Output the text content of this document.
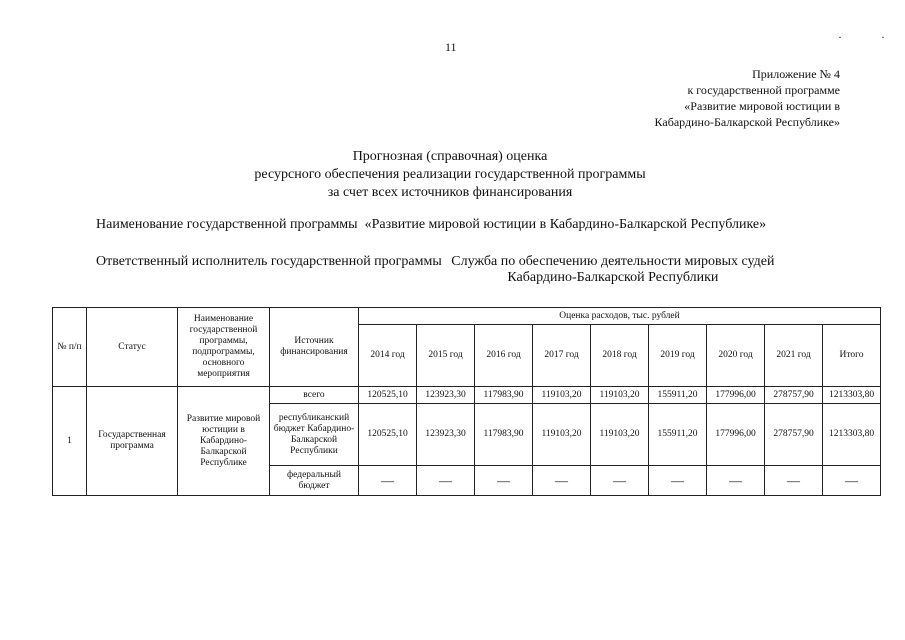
11
· ·
Приложение № 4
к государственной программе
«Развитие мировой юстиции в
Кабардино-Балкарской Республике»
Прогнозная (справочная) оценка
ресурсного обеспечения реализации государственной программы
за счет всех источников финансирования
Наименование государственной программы «Развитие мировой юстиции в Кабардино-Балкарской Республике»
Ответственный исполнитель государственной программы Служба по обеспечению деятельности мировых судей
Кабардино-Балкарской Республики
№ п/п	Статус	Наименование государственной программы, подпрограммы, основного мероприятия	Источник финансирования	Оценка расходов, тыс. рублей								
				2014 год	2015 год	2016 год	2017 год	2018 год	2019 год	2020 год	2021 год	Итого
1	Государственная программа	Развитие мировой юстиции в Кабардино-Балкарской Республике	всего	120525,10	123923,30	117983,90	119103,20	119103,20	155911,20	177996,00	278757,90	1213303,80
			республиканский бюджет Кабардино-Балкарской Республики	120525,10	123923,30	117983,90	119103,20	119103,20	155911,20	177996,00	278757,90	1213303,80
			федеральный бюджет	—	—	—	—	—	—	—	—	—
